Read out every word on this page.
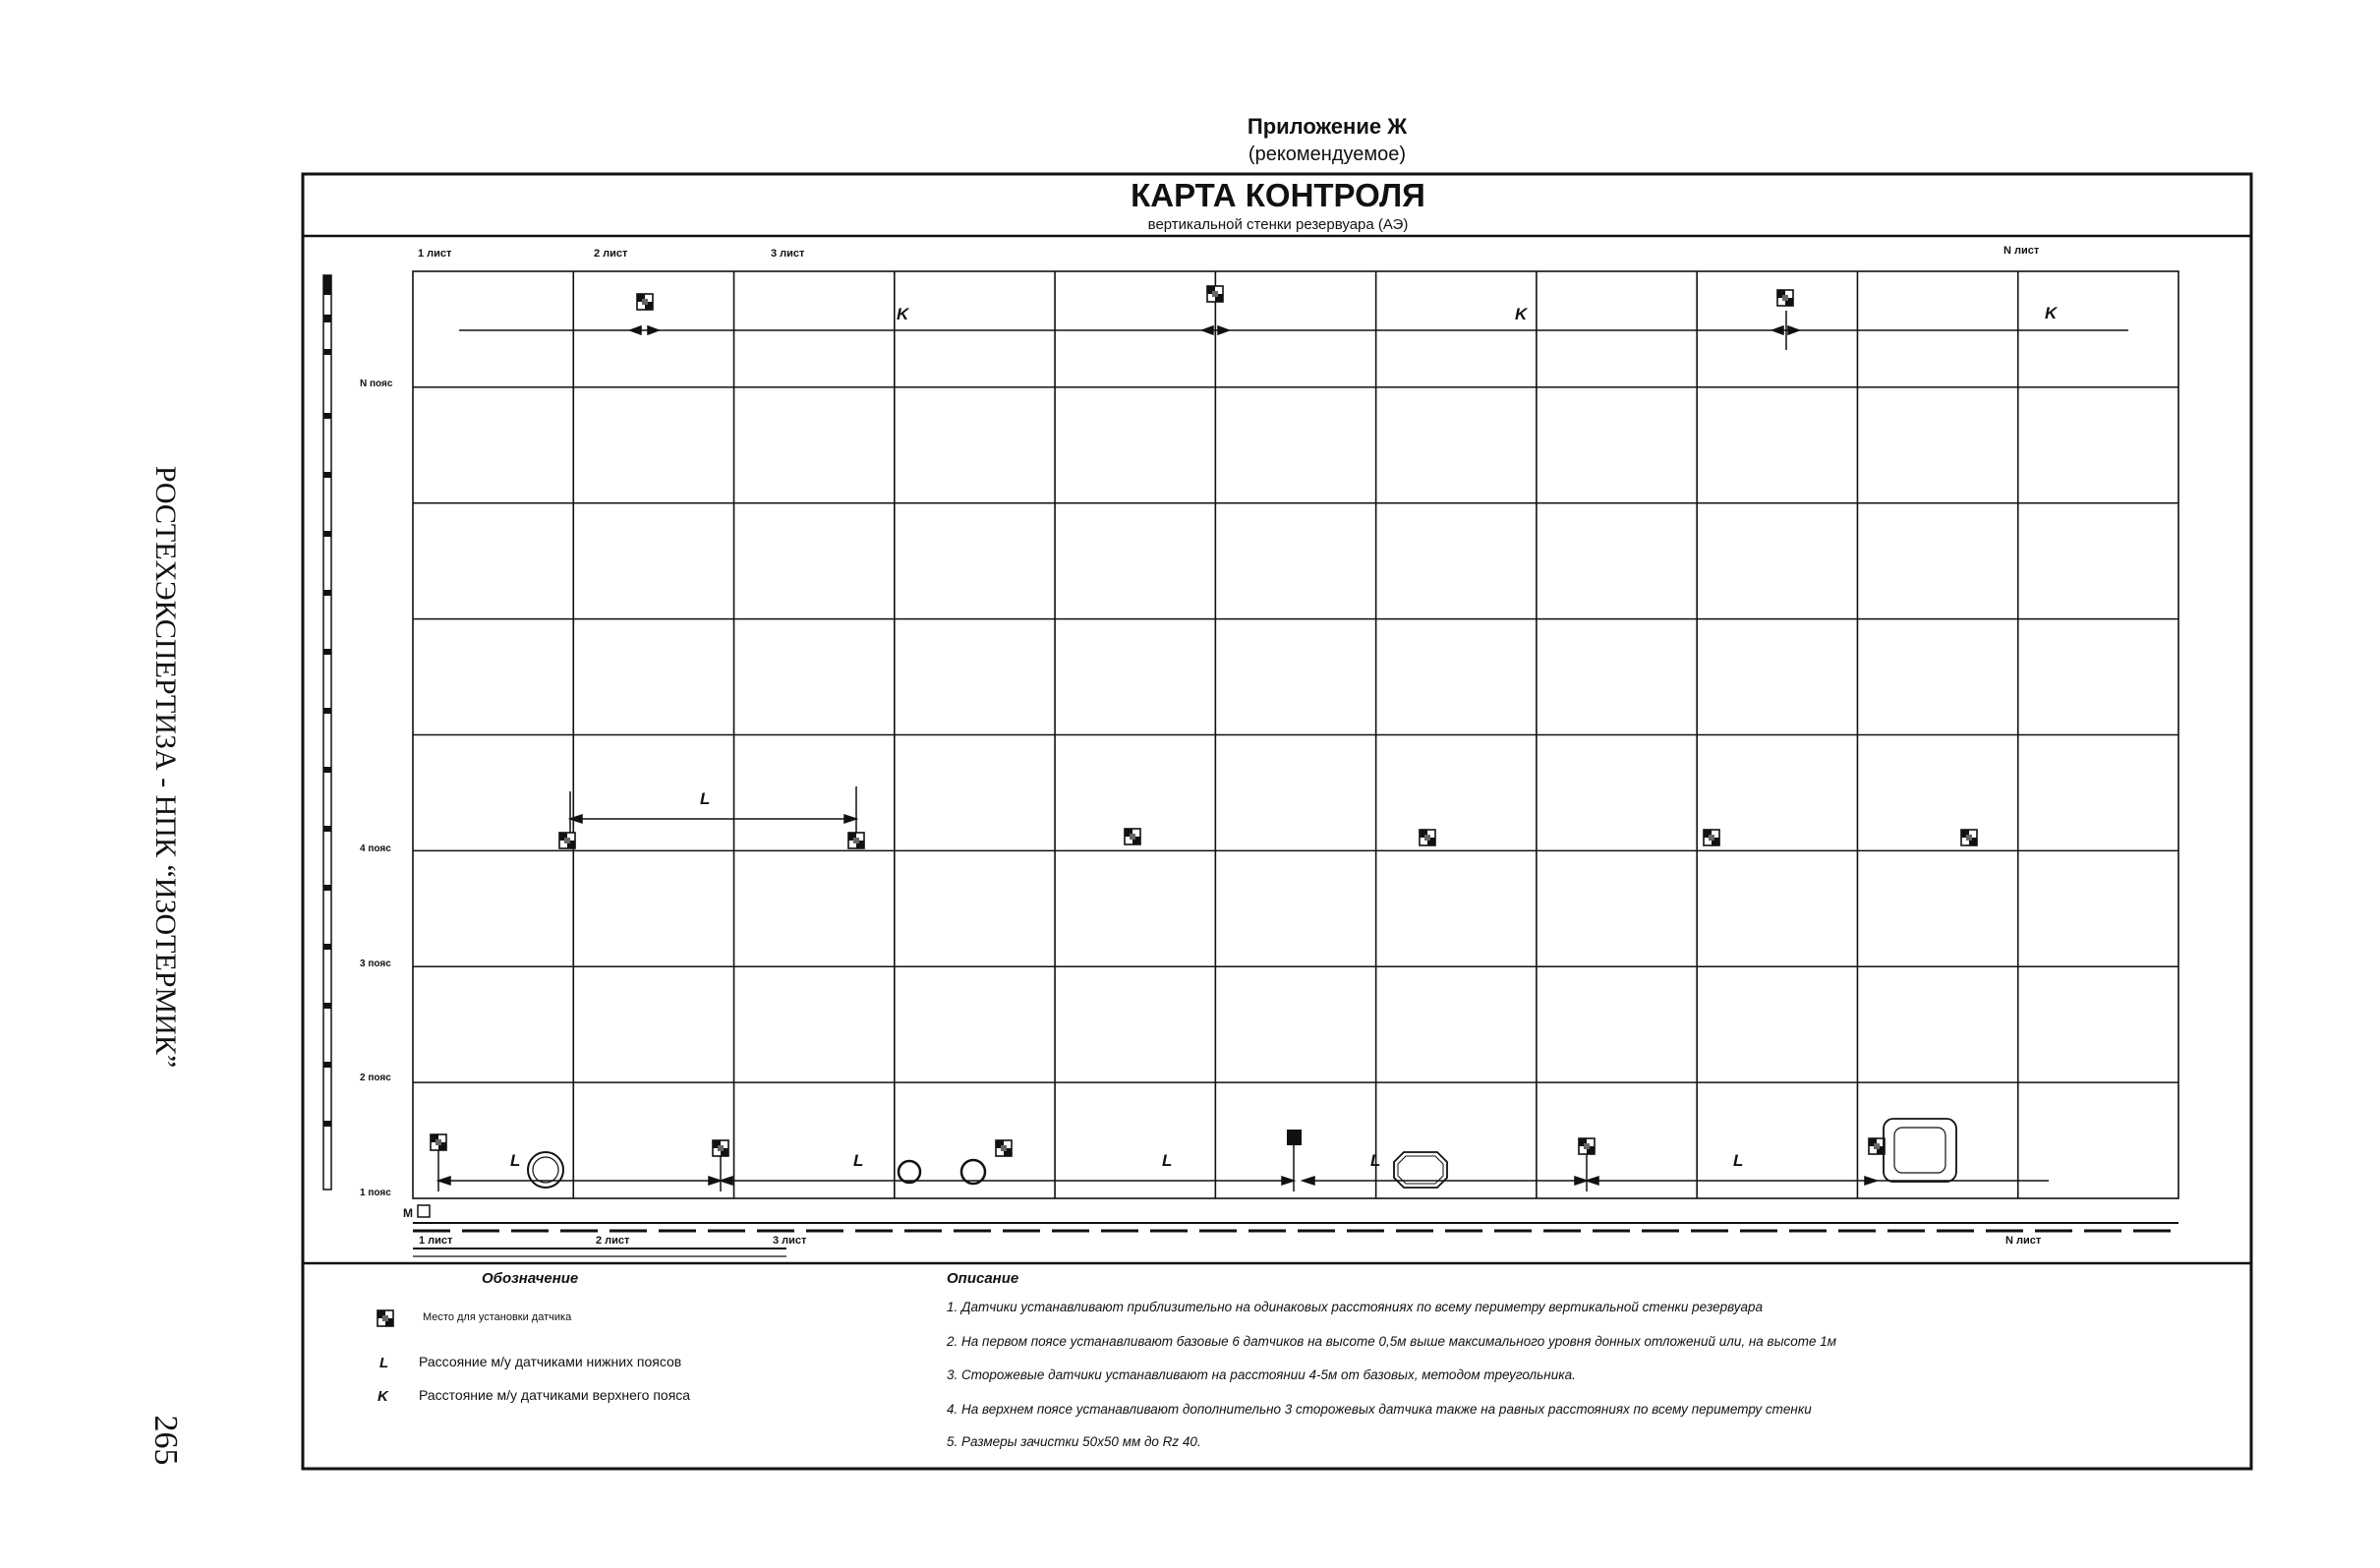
Приложение Ж
(рекомендуемое)
РОСТЕХЭКСПЕРТИЗА - НПК “ИЗОТЕРМИК”
265
КАРТА КОНТРОЛЯ
вертикальной стенки резервуара (АЭ)
1 лист	2 лист	3 лист	N лист
1 лист	2 лист	3 лист	N лист
N пояс
4 пояс
3 пояс
2 пояс
1 пояс
M
K	K	K
L
L	L	L	L	L
L
K
Обозначение
Место для установки датчика
Рассояние м/у датчиками нижних поясов
Расстояние м/у датчиками верхнего пояса
Описание
1. Датчики устанавливают приблизительно на одинаковых расстояниях по всему периметру вертикальной стенки резервуара
2. На первом поясе устанавливают базовые 6 датчиков на высоте 0,5м выше максимального уровня донных отложений или, на высоте 1м
3. Сторожевые датчики устанавливают на расстоянии 4-5м от базовых, методом треугольника.
4. На верхнем поясе устанавливают дополнительно 3 сторожевых датчика также на равных расстояниях по всему периметру стенки
5. Размеры зачистки 50x50 мм до Rz 40.
